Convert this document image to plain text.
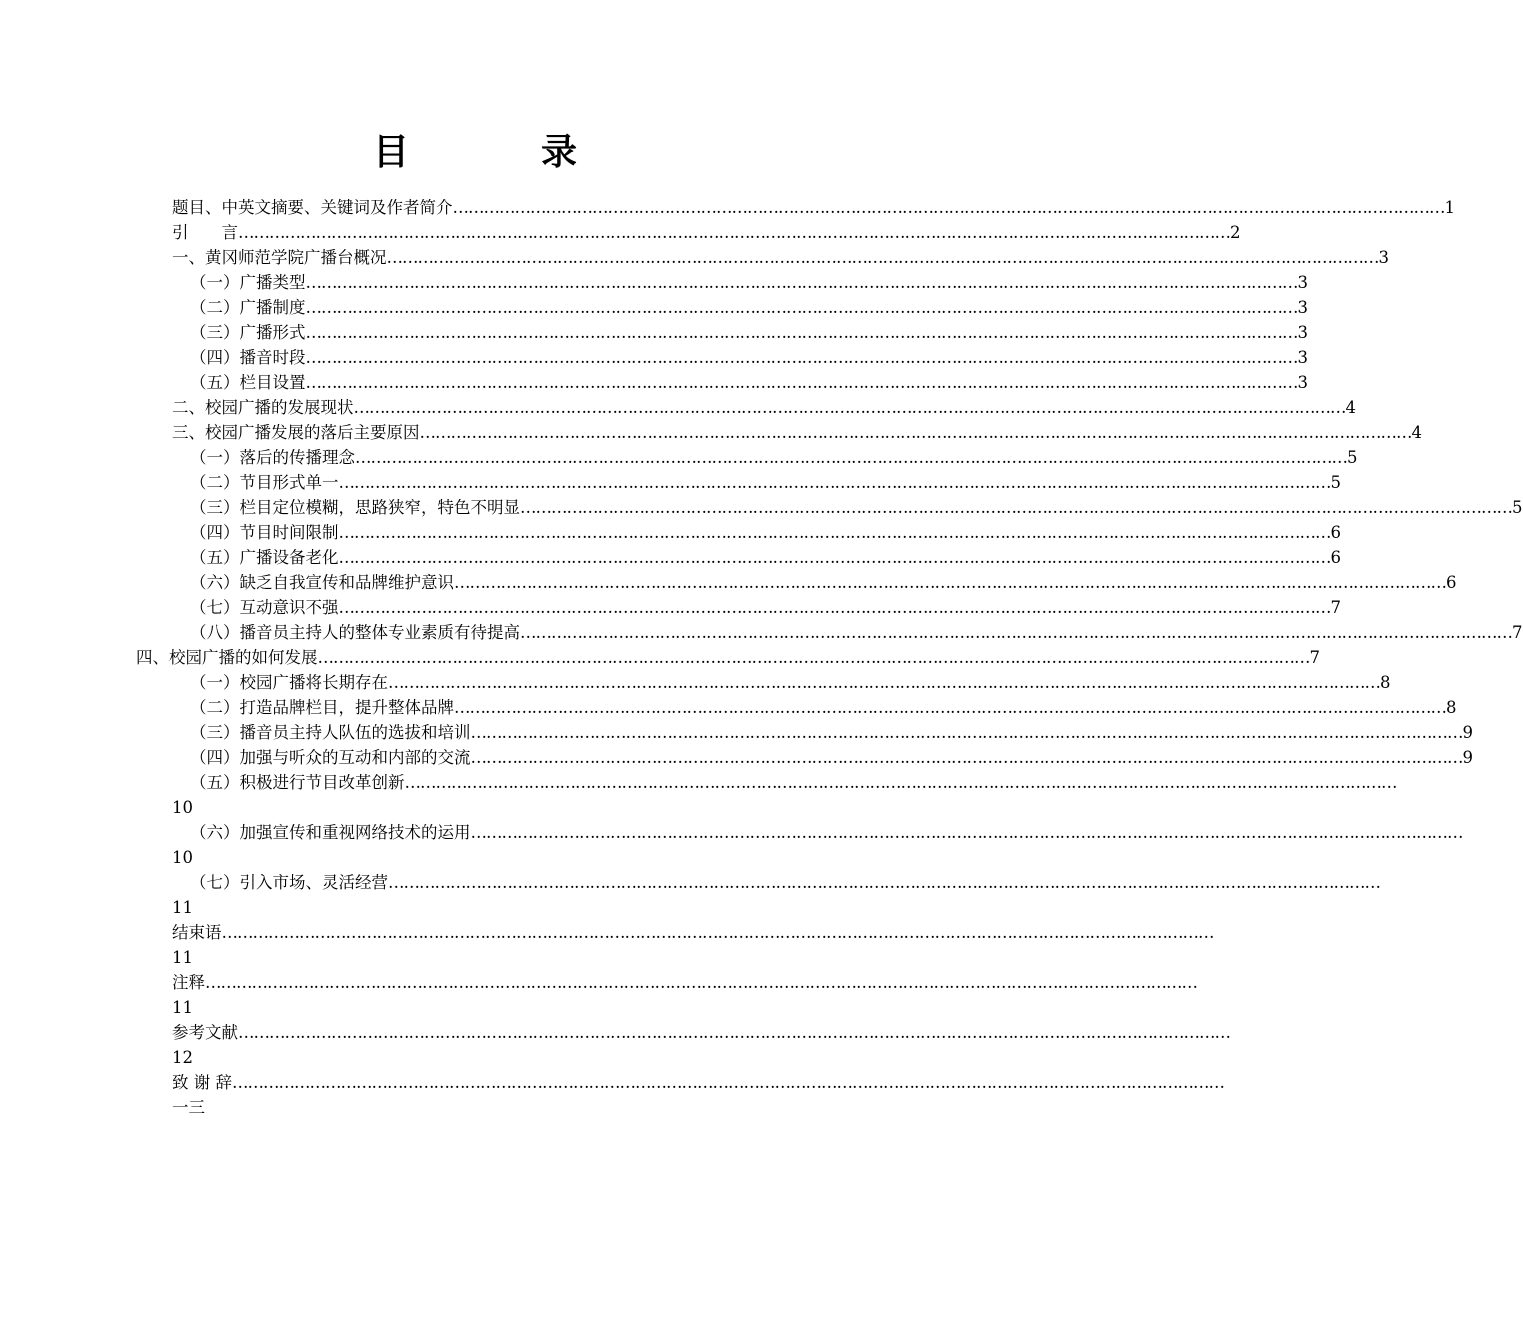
目　录
题目、中英文摘要、关键词及作者简介 ………………………………………………………………………………………………………………………………………………………………………… 1
引　　言 ………………………………………………………………………………………………………………………………………………………………………… 2
一、黄冈师范学院广播台概况 ………………………………………………………………………………………………………………………………………………………………………… 3
（一）广播类型 ………………………………………………………………………………………………………………………………………………………………………… 3
（二）广播制度 ………………………………………………………………………………………………………………………………………………………………………… 3
（三）广播形式 ………………………………………………………………………………………………………………………………………………………………………… 3
（四）播音时段 ………………………………………………………………………………………………………………………………………………………………………… 3
（五）栏目设置 ………………………………………………………………………………………………………………………………………………………………………… 3
二、校园广播的发展现状 ………………………………………………………………………………………………………………………………………………………………………… 4
三、校园广播发展的落后主要原因 ………………………………………………………………………………………………………………………………………………………………………… 4
（一）落后的传播理念 ………………………………………………………………………………………………………………………………………………………………………… 5
（二）节目形式单一 ………………………………………………………………………………………………………………………………………………………………………… 5
（三）栏目定位模糊，思路狭窄，特色不明显 ………………………………………………………………………………………………………………………………………………………………………… 5
（四）节目时间限制 ………………………………………………………………………………………………………………………………………………………………………… 6
（五）广播设备老化 ………………………………………………………………………………………………………………………………………………………………………… 6
（六）缺乏自我宣传和品牌维护意识 ………………………………………………………………………………………………………………………………………………………………………… 6
（七）互动意识不强 ………………………………………………………………………………………………………………………………………………………………………… 7
（八）播音员主持人的整体专业素质有待提高 ………………………………………………………………………………………………………………………………………………………………………… 7
四、校园广播的如何发展 ………………………………………………………………………………………………………………………………………………………………………… 7
（一）校园广播将长期存在 ………………………………………………………………………………………………………………………………………………………………………… 8
（二）打造品牌栏目，提升整体品牌 ………………………………………………………………………………………………………………………………………………………………………… 8
（三）播音员主持人队伍的选拔和培训 ………………………………………………………………………………………………………………………………………………………………………… 9
（四）加强与听众的互动和内部的交流 ………………………………………………………………………………………………………………………………………………………………………… 9
（五）积极进行节目改革创新 …………………………………………………………………………………………………………………………………………………………………………
10
（六）加强宣传和重视网络技术的运用 …………………………………………………………………………………………………………………………………………………………………………
10
（七）引入市场、灵活经营 …………………………………………………………………………………………………………………………………………………………………………
11
结束语 …………………………………………………………………………………………………………………………………………………………………………
11
注释 …………………………………………………………………………………………………………………………………………………………………………
11
参考文献 …………………………………………………………………………………………………………………………………………………………………………
12
致 谢 辞 …………………………………………………………………………………………………………………………………………………………………………
一三
